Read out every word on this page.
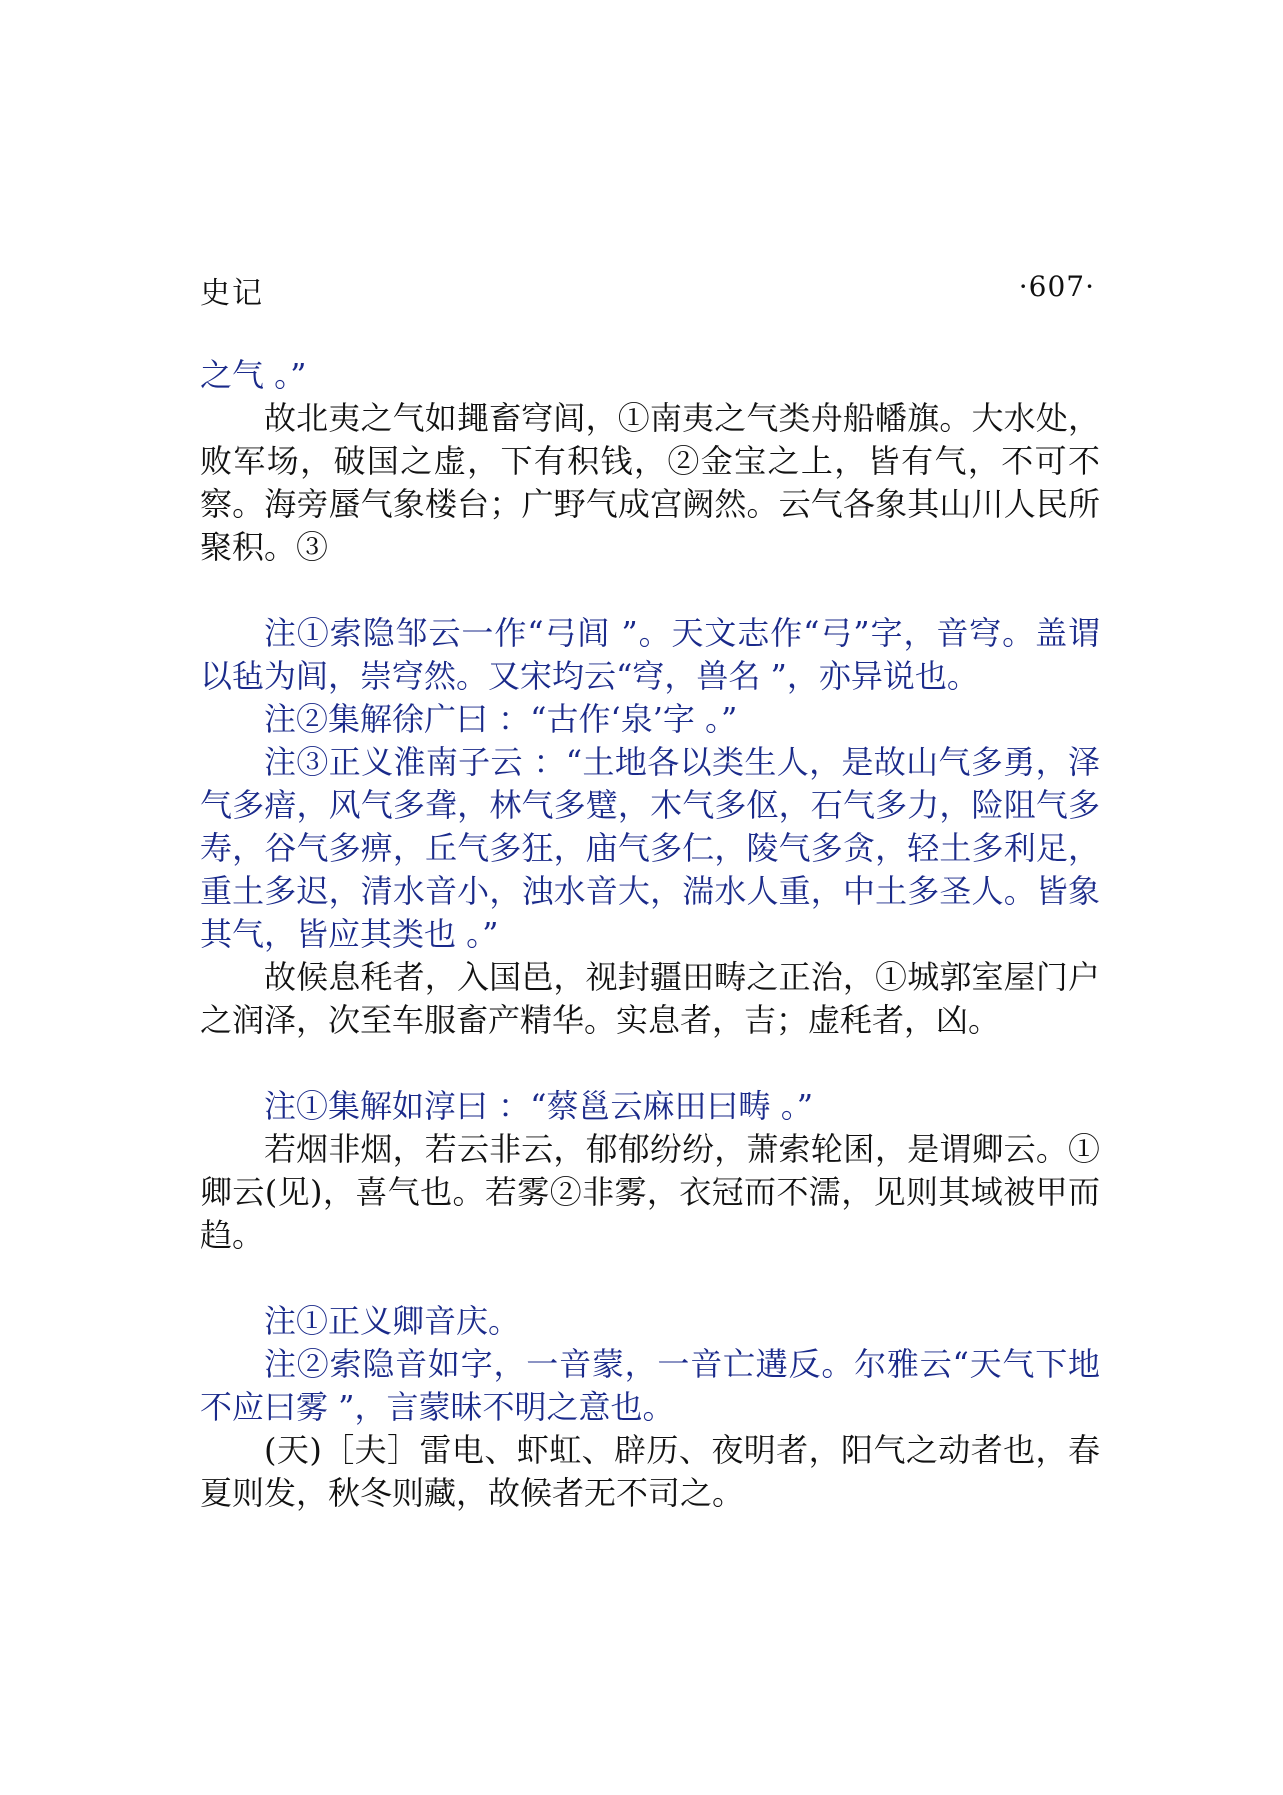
史记	·607·

之气 。”

故北夷之气如䵷畜穹闾，①南夷之气类舟船幡旗。大水处，败军场，破国之虚，下有积钱，②金宝之上，皆有气，不可不察。海旁蜃气象楼台；广野气成宫阙然。云气各象其山川人民所聚积。③

注①索隐邹云一作“弓闾 ”。天文志作“弓”字，音穹。盖谓以毡为闾，崇穹然。又宋均云“穹，兽名 ”，亦异说也。

注②集解徐广曰 ：“古作‘泉’字 。”

注③正义淮南子云 ：“土地各以类生人，是故山气多勇，泽气多瘖，风气多聋，林气多躄，木气多伛，石气多力，险阻气多寿，谷气多痹，丘气多狂，庙气多仁，陵气多贪，轻土多利足，重土多迟，清水音小，浊水音大，湍水人重，中土多圣人。皆象其气，皆应其类也 。”

故候息秏者，入国邑，视封疆田畴之正治，①城郭室屋门户之润泽，次至车服畜产精华。实息者，吉；虚秏者，凶。

注①集解如淳曰 ：“蔡邕云麻田曰畴 。”

若烟非烟，若云非云，郁郁纷纷，萧索轮囷，是谓卿云。①卿云(见)，喜气也。若雾②非雾，衣冠而不濡，见则其域被甲而趋。

注①正义卿音庆。

注②索隐音如字，一音蒙，一音亡遘反。尔雅云“天气下地不应曰雾 ”，言蒙昧不明之意也。

(天)［夫］雷电、虾虹、辟历、夜明者，阳气之动者也，春夏则发，秋冬则藏，故候者无不司之。
